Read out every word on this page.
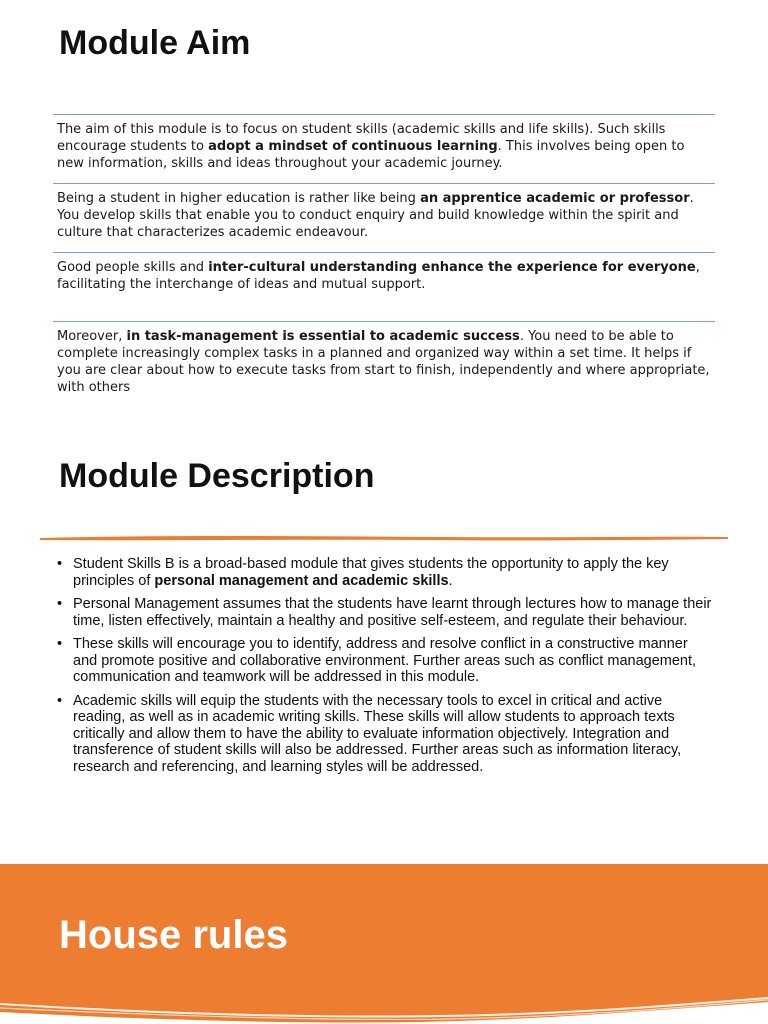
Module Aim
The aim of this module is to focus on student skills (academic skills and life skills). Such skills encourage students to adopt a mindset of continuous learning. This involves being open to new information, skills and ideas throughout your academic journey.
Being a student in higher education is rather like being an apprentice academic or professor. You develop skills that enable you to conduct enquiry and build knowledge within the spirit and culture that characterizes academic endeavour.
Good people skills and inter-cultural understanding enhance the experience for everyone, facilitating the interchange of ideas and mutual support.
Moreover, in task-management is essential to academic success. You need to be able to complete increasingly complex tasks in a planned and organized way within a set time. It helps if you are clear about how to execute tasks from start to finish, independently and where appropriate, with others
Module Description
• Student Skills B is a broad-based module that gives students the opportunity to apply the key principles of personal management and academic skills.
• Personal Management assumes that the students have learnt through lectures how to manage their time, listen effectively, maintain a healthy and positive self-esteem, and regulate their behaviour.
• These skills will encourage you to identify, address and resolve conflict in a constructive manner and promote positive and collaborative environment. Further areas such as conflict management, communication and teamwork will be addressed in this module.
• Academic skills will equip the students with the necessary tools to excel in critical and active reading, as well as in academic writing skills. These skills will allow students to approach texts critically and allow them to have the ability to evaluate information objectively. Integration and transference of student skills will also be addressed. Further areas such as information literacy, research and referencing, and learning styles will be addressed.
House rules
